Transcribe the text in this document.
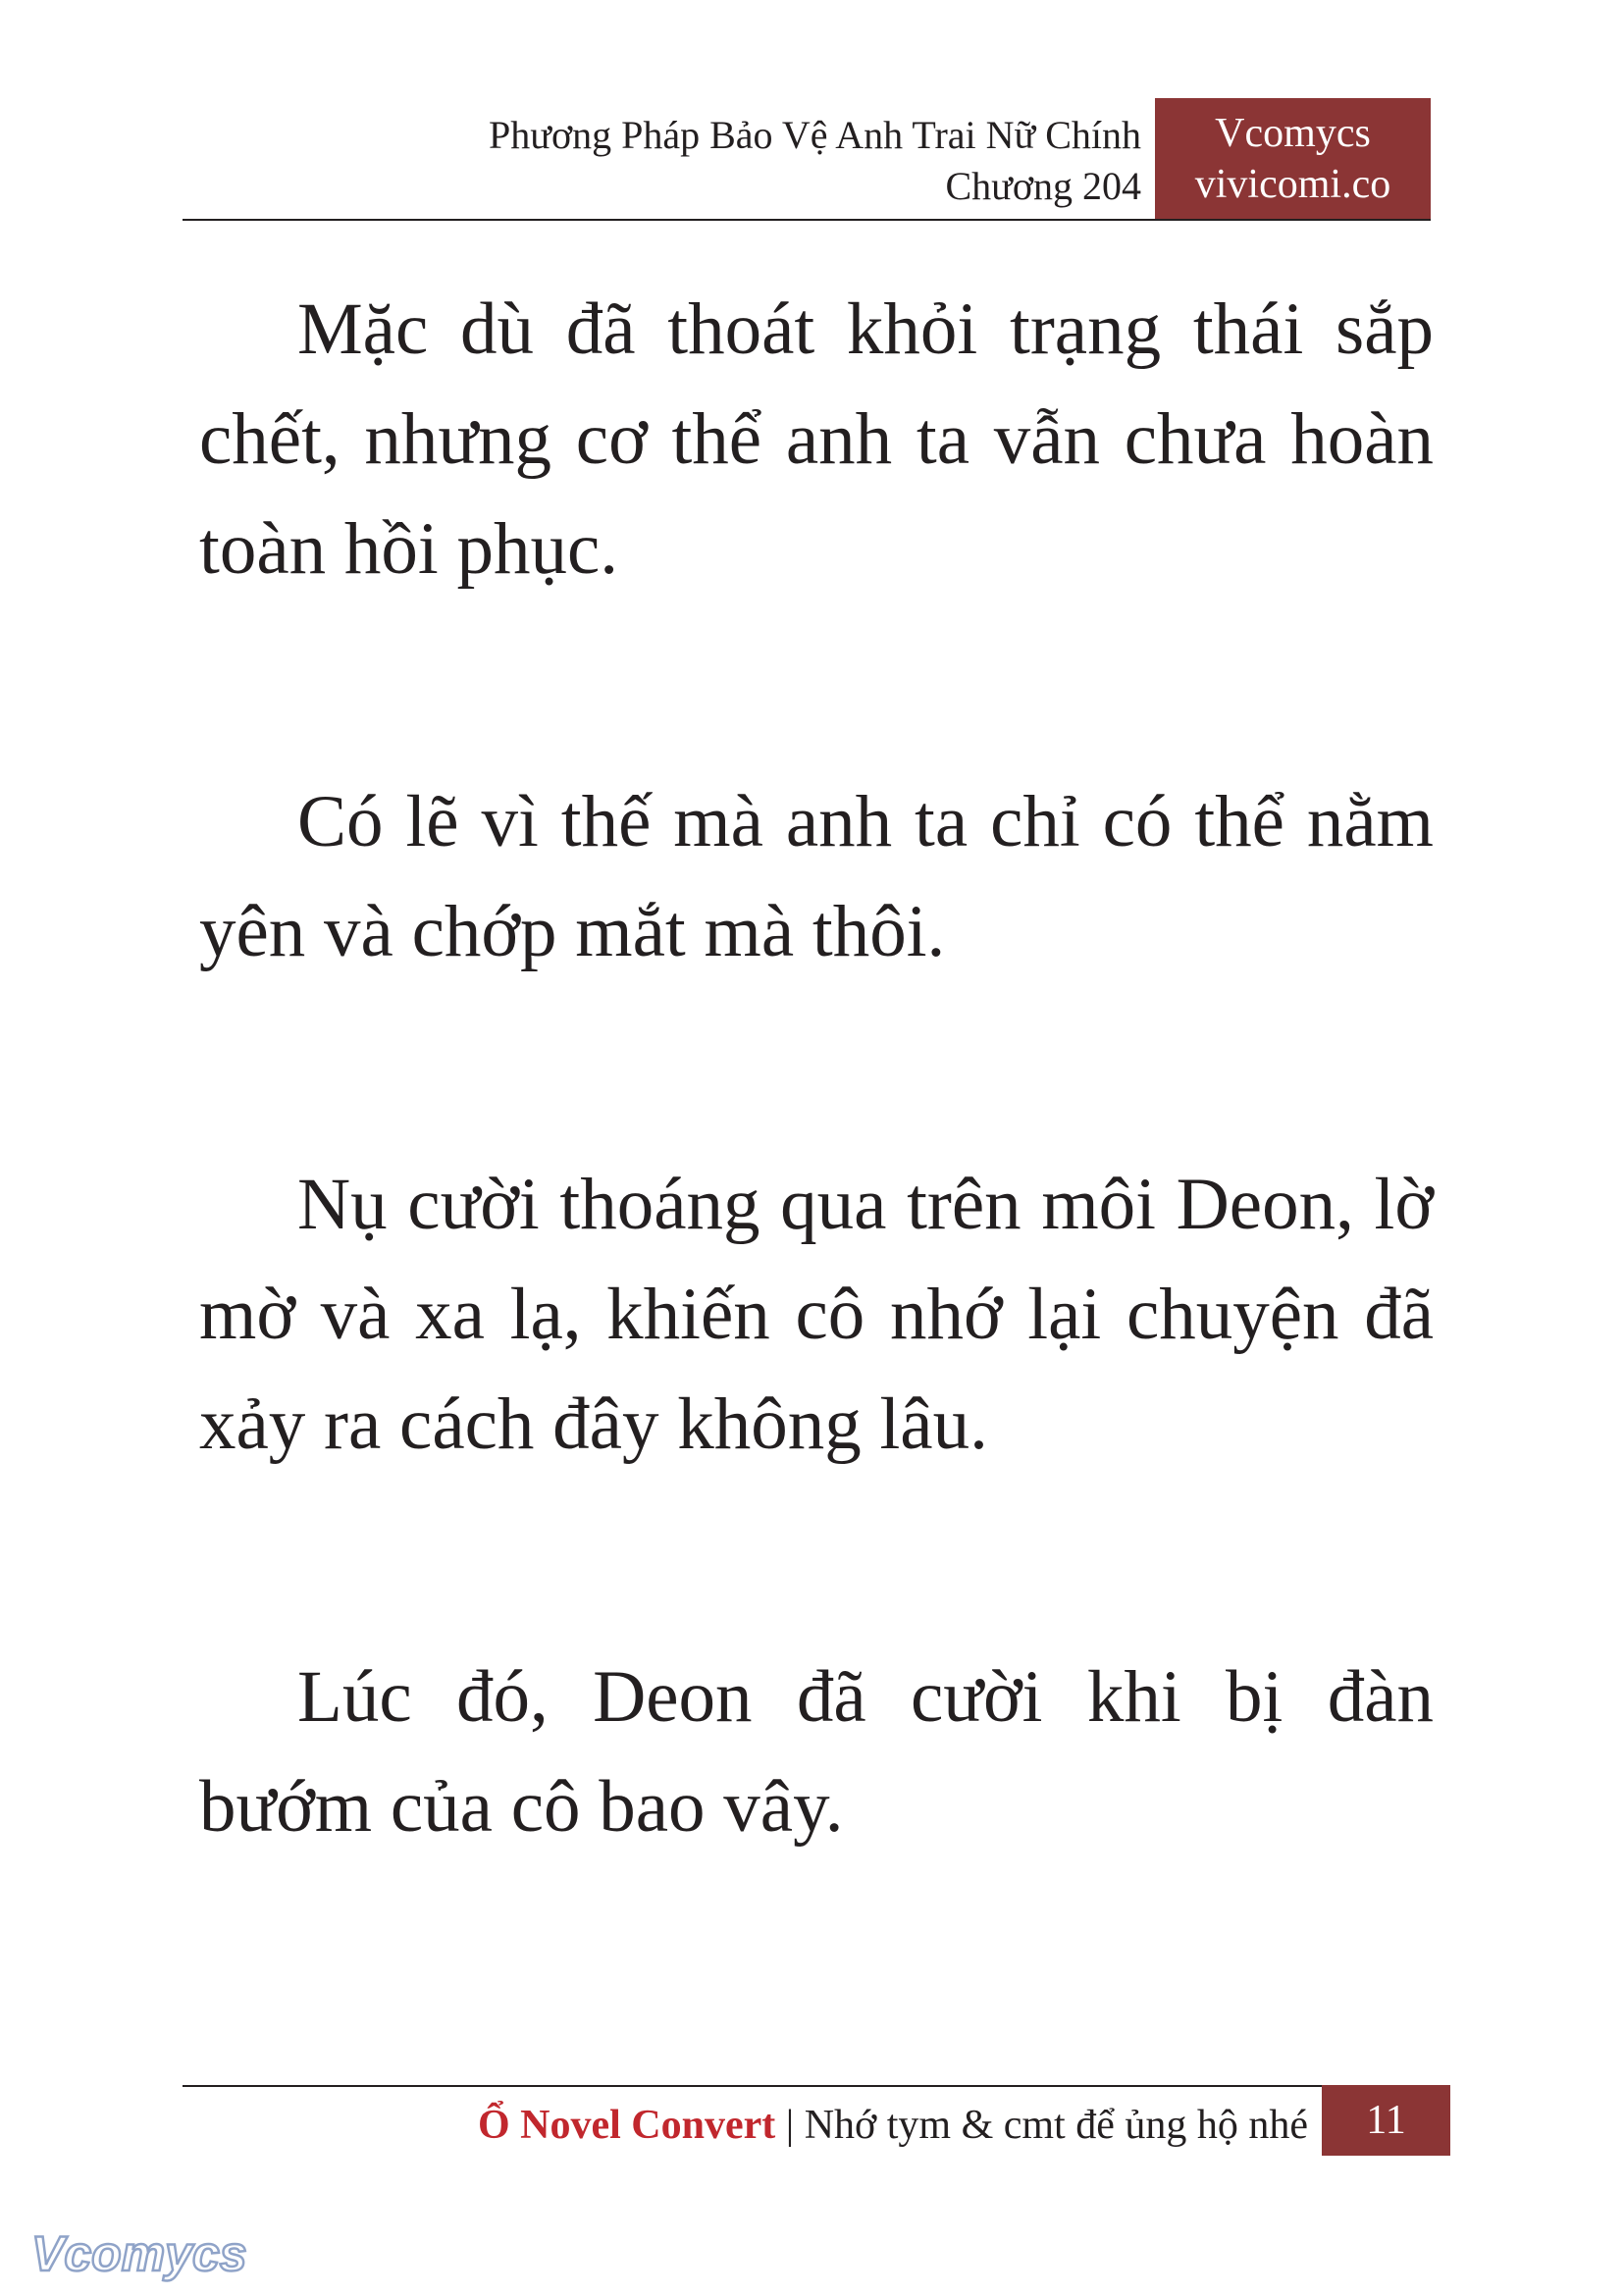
Phương Pháp Bảo Vệ Anh Trai Nữ Chính
Chương 204
Vcomycs
vivicomi.co

Mặc dù đã thoát khỏi trạng thái sắp chết, nhưng cơ thể anh ta vẫn chưa hoàn toàn hồi phục.

Có lẽ vì thế mà anh ta chỉ có thể nằm yên và chớp mắt mà thôi.

Nụ cười thoáng qua trên môi Deon, lờ mờ và xa lạ, khiến cô nhớ lại chuyện đã xảy ra cách đây không lâu.

Lúc đó, Deon đã cười khi bị đàn bướm của cô bao vây.

Ổ Novel Convert | Nhớ tym & cmt để ủng hộ nhé	11
Vcomycs
